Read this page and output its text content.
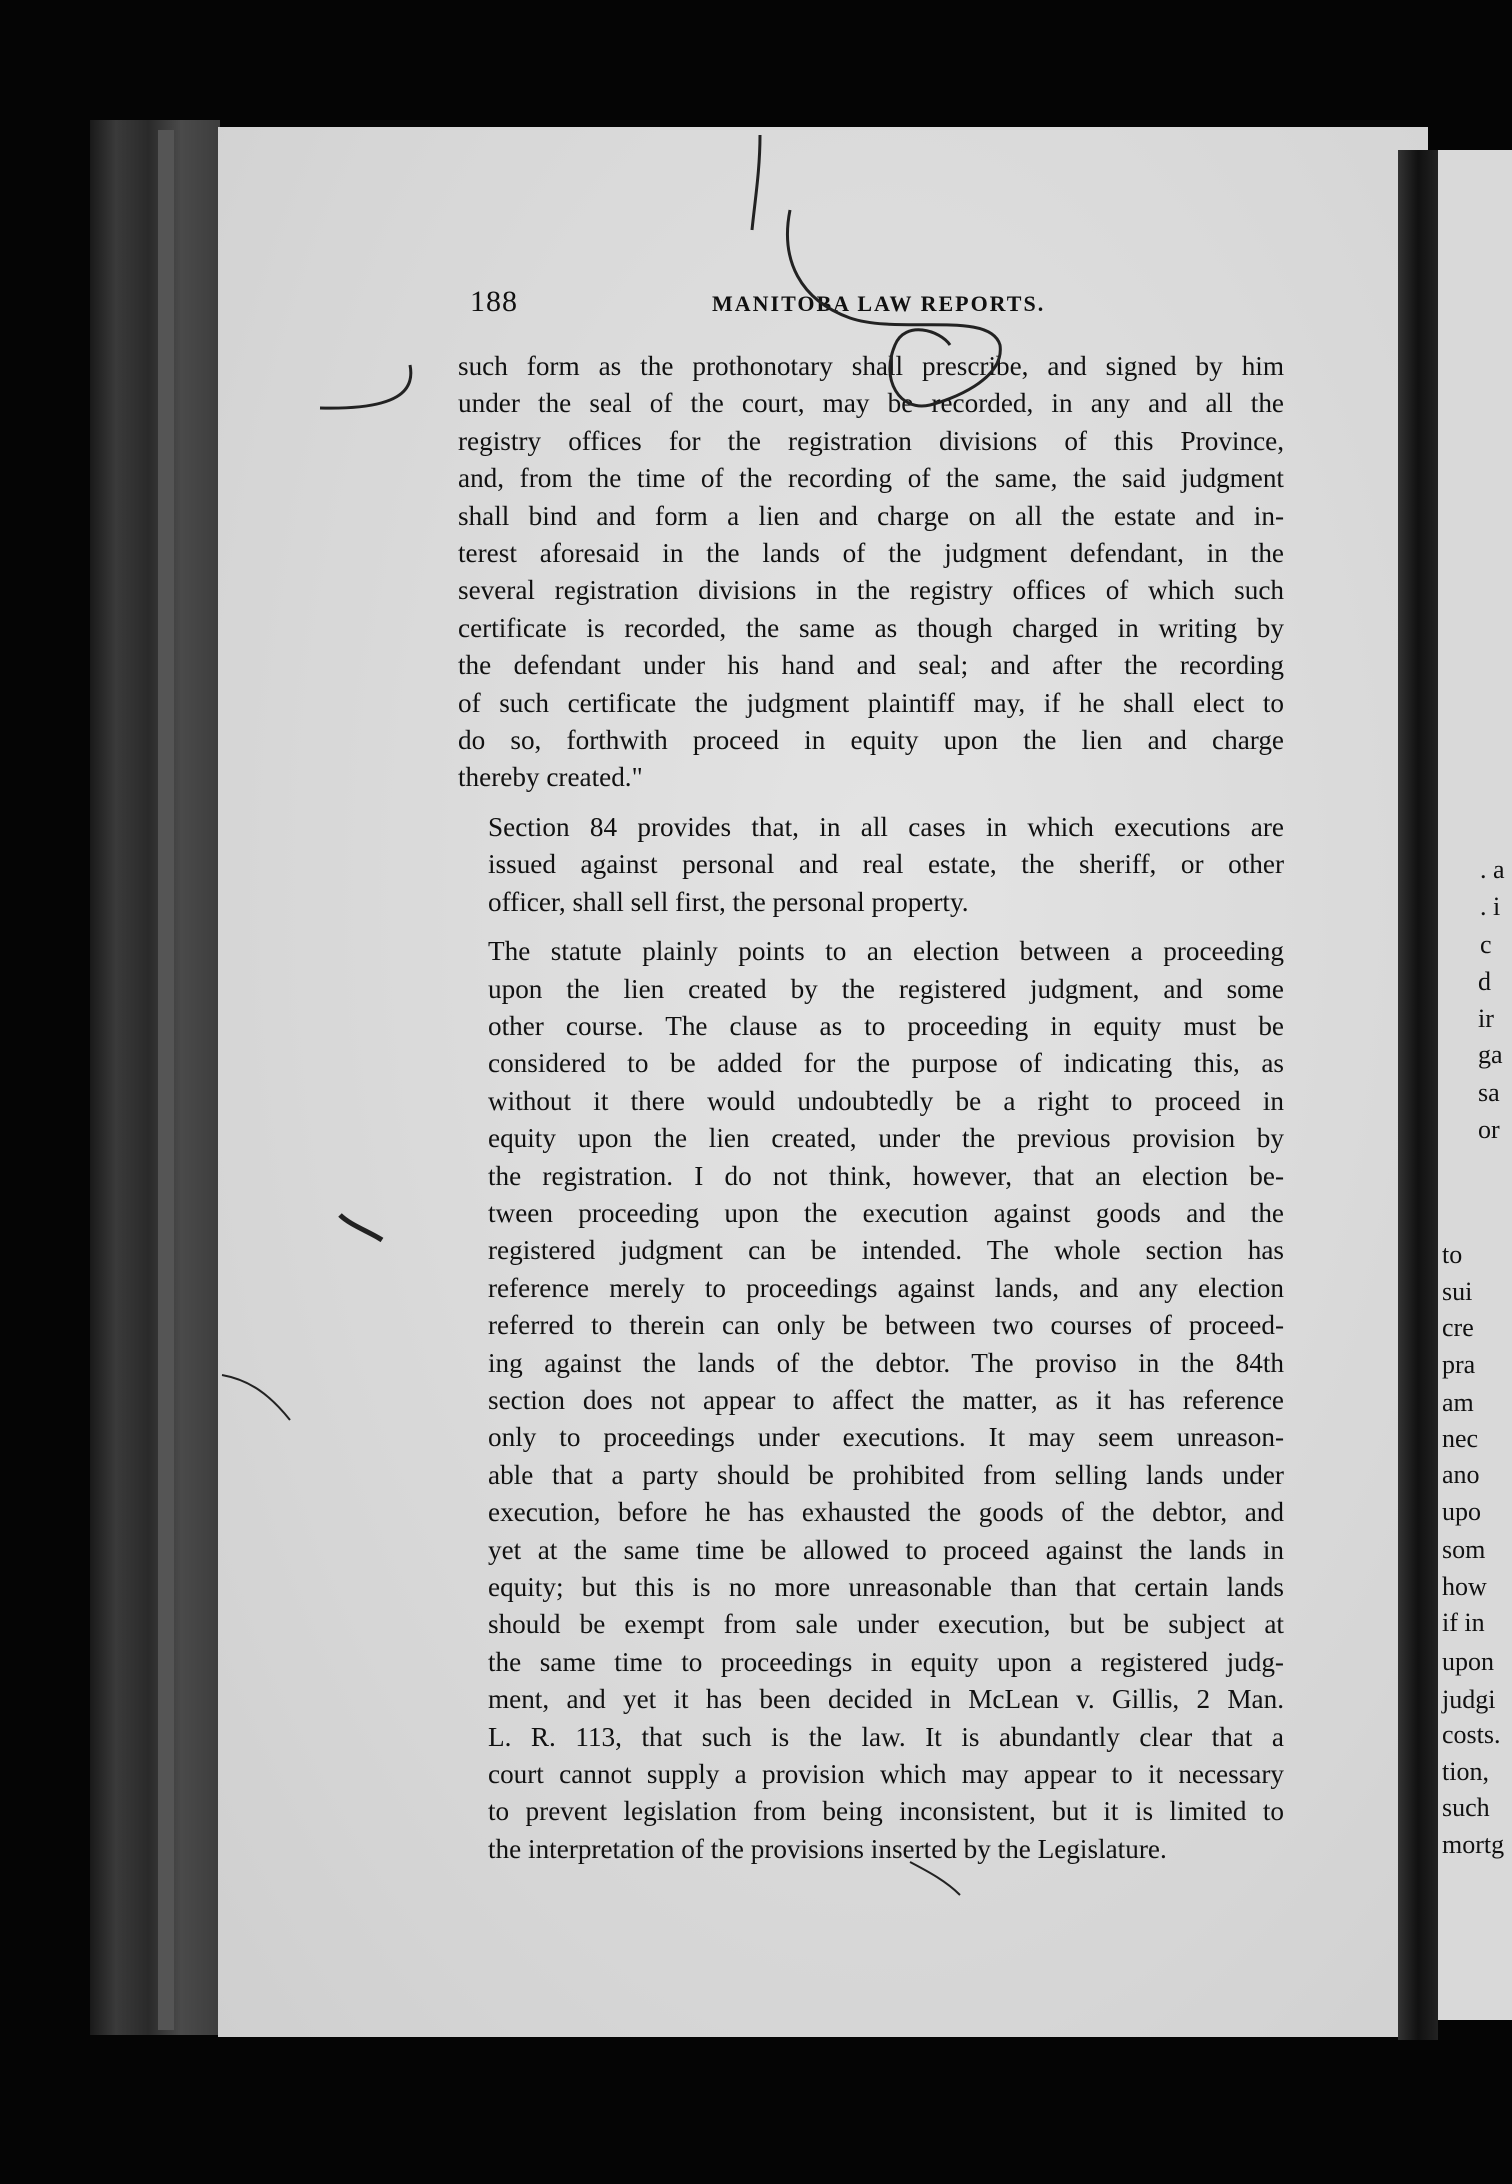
188	MANITOBA LAW REPORTS.

such form as the prothonotary shall prescribe, and signed by him
under the seal of the court, may be recorded, in any and all the
registry offices for the registration divisions of this Province,
and, from the time of the recording of the same, the said judgment
shall bind and form a lien and charge on all the estate and in-
terest aforesaid in the lands of the judgment defendant, in the
several registration divisions in the registry offices of which such
certificate is recorded, the same as though charged in writing by
the defendant under his hand and seal; and after the recording
of such certificate the judgment plaintiff may, if he shall elect to
do so, forthwith proceed in equity upon the lien and charge
thereby created."

Section 84 provides that, in all cases in which executions are
issued against personal and real estate, the sheriff, or other
officer, shall sell first, the personal property.

The statute plainly points to an election between a proceeding
upon the lien created by the registered judgment, and some
other course. The clause as to proceeding in equity must be
considered to be added for the purpose of indicating this, as
without it there would undoubtedly be a right to proceed in
equity upon the lien created, under the previous provision by
the registration. I do not think, however, that an election be-
tween proceeding upon the execution against goods and the
registered judgment can be intended. The whole section has
reference merely to proceedings against lands, and any election
referred to therein can only be between two courses of proceed-
ing against the lands of the debtor. The proviso in the 84th
section does not appear to affect the matter, as it has reference
only to proceedings under executions. It may seem unreason-
able that a party should be prohibited from selling lands under
execution, before he has exhausted the goods of the debtor, and
yet at the same time be allowed to proceed against the lands in
equity; but this is no more unreasonable than that certain lands
should be exempt from sale under execution, but be subject at
the same time to proceedings in equity upon a registered judg-
ment, and yet it has been decided in McLean v. Gillis, 2 Man.
L. R. 113, that such is the law. It is abundantly clear that a
court cannot supply a provision which may appear to it necessary
to prevent legislation from being inconsistent, but it is limited to
the interpretation of the provisions inserted by the Legislature.

. a
. i
c
d
ir
ga
sa
or
to
sui
cre
pra
am
nec
ano
upo
som
how
if in
upon
judgi
costs.
tion,
such
mortg
